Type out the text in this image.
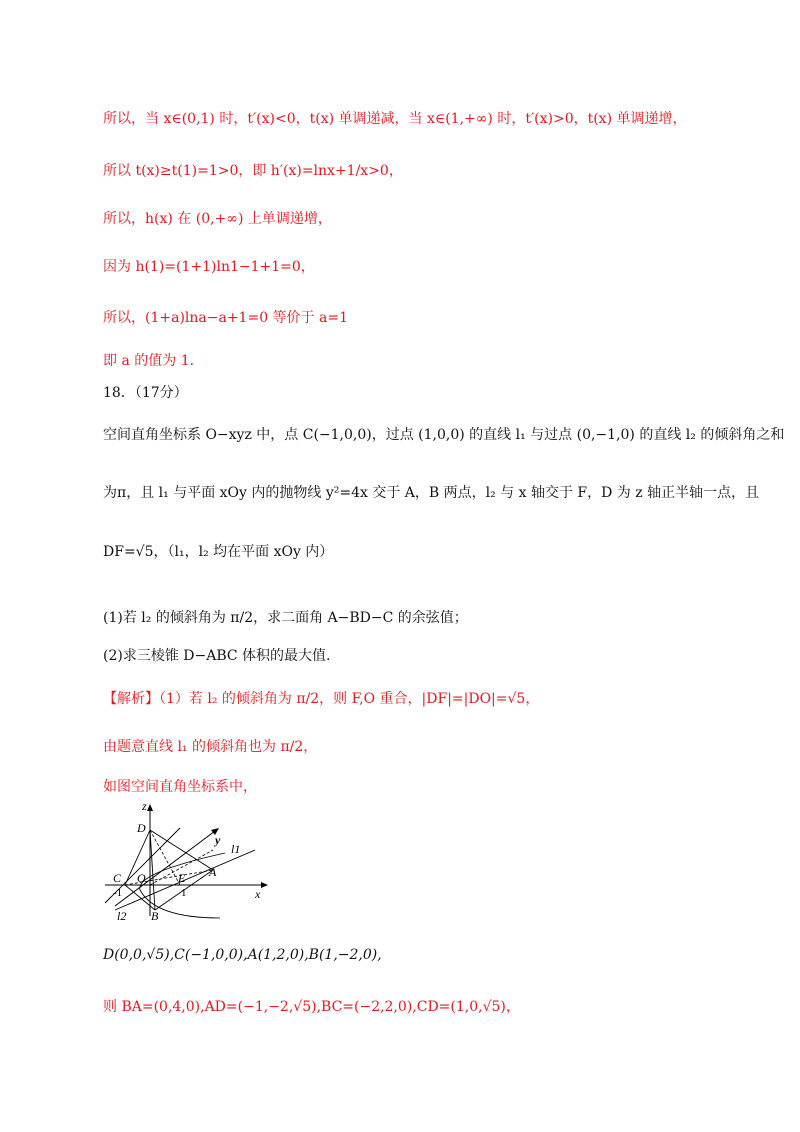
所以，当 x∈(0,1) 时，t′(x)<0，t(x) 单调递减，当 x∈(1,+∞) 时，t′(x)>0，t(x) 单调递增，
所以 t(x)≥t(1)=1>0，即 h′(x)=lnx+1/x>0，
所以，h(x) 在 (0,+∞) 上单调递增，
因为 h(1)=(1+1)ln1−1+1=0，
所以，(1+a)lna−a+1=0 等价于 a=1
即 a 的值为 1．
18．（17分）
空间直角坐标系 O−xyz 中，点 C(−1,0,0)，过点 (1,0,0) 的直线 l₁ 与过点 (0,−1,0) 的直线 l₂ 的倾斜角之和
为π，且 l₁ 与平面 xOy 内的抛物线 y²=4x 交于 A，B 两点，l₂ 与 x 轴交于 F，D 为 z 轴正半轴一点，且
DF=√5，（l₁，l₂ 均在平面 xOy 内）
(1)若 l₂ 的倾斜角为 π/2，求二面角 A−BD−C 的余弦值；
(2)求三棱锥 D−ABC 体积的最大值.
【解析】（1）若 l₂ 的倾斜角为 π/2，则 F,O 重合，|DF|=|DO|=√5，
由题意直线 l₁ 的倾斜角也为 π/2，
如图空间直角坐标系中，
z
y
x
D
C O	E A
B
l1
l2
-1	1
D(0,0,√5),C(−1,0,0),A(1,2,0),B(1,−2,0),
则 BA=(0,4,0),AD=(−1,−2,√5),BC=(−2,2,0),CD=(1,0,√5)，
